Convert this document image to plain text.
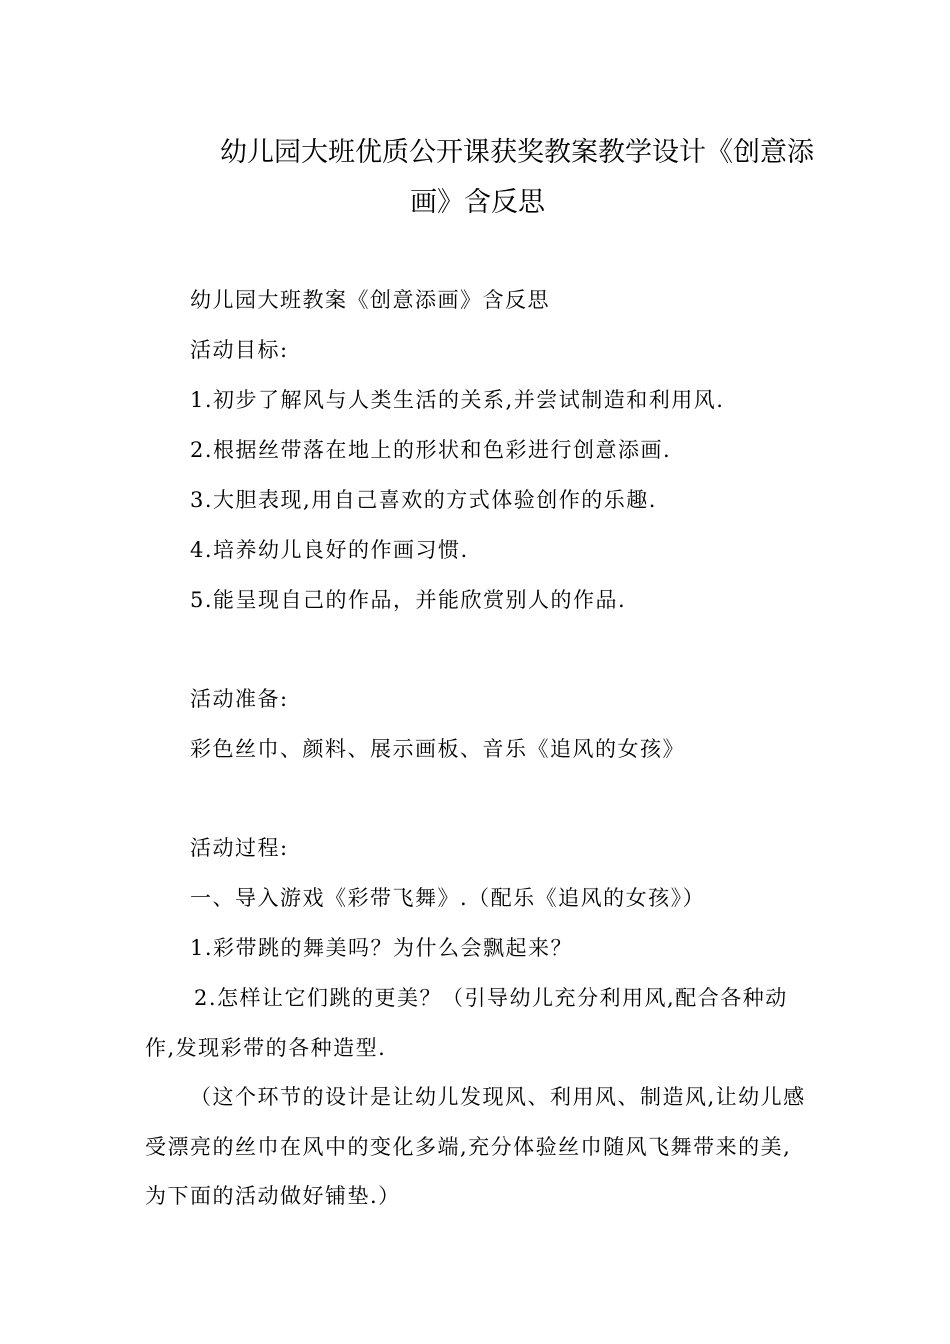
幼儿园大班优质公开课获奖教案教学设计《创意添
画》含反思
幼儿园大班教案《创意添画》含反思
活动目标:
1.初步了解风与人类生活的关系,并尝试制造和利用风.
2.根据丝带落在地上的形状和色彩进行创意添画.
3.大胆表现,用自己喜欢的方式体验创作的乐趣.
4.培养幼儿良好的作画习惯.
5.能呈现自己的作品，并能欣赏别人的作品.
活动准备:
彩色丝巾、颜料、展示画板、音乐《追风的女孩》
活动过程:
一、导入游戏《彩带飞舞》.（配乐《追风的女孩》）
1.彩带跳的舞美吗？为什么会飘起来？
2.怎样让它们跳的更美？（引导幼儿充分利用风,配合各种动
作,发现彩带的各种造型.
（这个环节的设计是让幼儿发现风、利用风、制造风,让幼儿感
受漂亮的丝巾在风中的变化多端,充分体验丝巾随风飞舞带来的美,
为下面的活动做好铺垫.）
